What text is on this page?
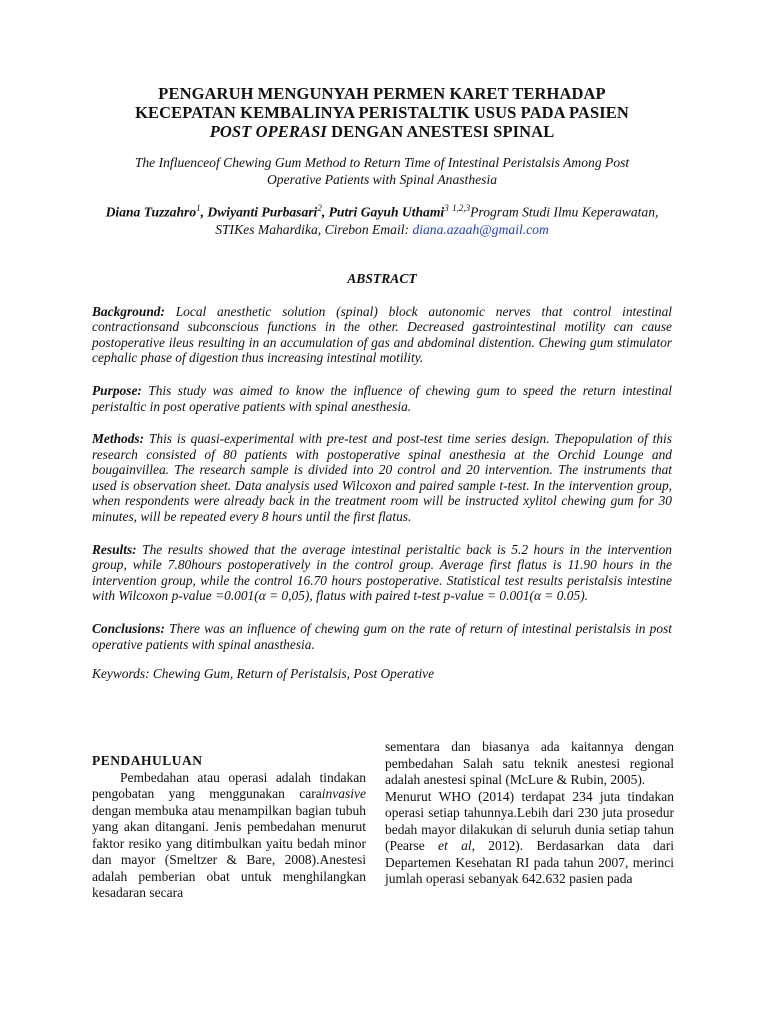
PENGARUH MENGUNYAH PERMEN KARET TERHADAP
KECEPATAN KEMBALINYA PERISTALTIK USUS PADA PASIEN
POST OPERASI DENGAN ANESTESI SPINAL

The Influenceof Chewing Gum Method to Return Time of Intestinal Peristalsis Among Post Operative Patients with Spinal Anasthesia

Diana Tuzzahro$^1$, Dwiyanti Purbasari$^2$, Putri Gayuh Uthami$^3$ $^{1,2,3}$Program Studi Ilmu Keperawatan, STIKes Mahardika, Cirebon Email: diana.azaah@gmail.com

ABSTRACT

Background: Local anesthetic solution (spinal) block autonomic nerves that control intestinal contractionsand subconscious functions in the other. Decreased gastrointestinal motility can cause postoperative ileus resulting in an accumulation of gas and abdominal distention. Chewing gum stimulator cephalic phase of digestion thus increasing intestinal motility.

Purpose: This study was aimed to know the influence of chewing gum to speed the return intestinal peristaltic in post operative patients with spinal anesthesia.

Methods: This is quasi-experimental with pre-test and post-test time series design. Thepopulation of this research consisted of 80 patients with postoperative spinal anesthesia at the Orchid Lounge and bougainvillea. The research sample is divided into 20 control and 20 intervention. The instruments that used is observation sheet. Data analysis used Wilcoxon and paired sample t-test. In the intervention group, when respondents were already back in the treatment room will be instructed xylitol chewing gum for 30 minutes, will be repeated every 8 hours until the first flatus.

Results: The results showed that the average intestinal peristaltic back is 5.2 hours in the intervention group, while 7.80hours postoperatively in the control group. Average first flatus is 11.90 hours in the intervention group, while the control 16.70 hours postoperative. Statistical test results peristalsis intestine with Wilcoxon p-value =0.001(α = 0,05), flatus with paired t-test p-value = 0.001(α = 0.05).

Conclusions: There was an influence of chewing gum on the rate of return of intestinal peristalsis in post operative patients with spinal anasthesia.

Keywords: Chewing Gum, Return of Peristalsis, Post Operative

PENDAHULUAN

Pembedahan atau operasi adalah tindakan pengobatan yang menggunakan carainvasive dengan membuka atau menampilkan bagian tubuh yang akan ditangani. Jenis pembedahan menurut faktor resiko yang ditimbulkan yaitu bedah minor dan mayor (Smeltzer & Bare, 2008).Anestesi adalah pemberian obat untuk menghilangkan kesadaran secara

sementara dan biasanya ada kaitannya dengan pembedahan Salah satu teknik anestesi regional adalah anestesi spinal (McLure & Rubin, 2005).

Menurut WHO (2014) terdapat 234 juta tindakan operasi setiap tahunnya.Lebih dari 230 juta prosedur bedah mayor dilakukan di seluruh dunia setiap tahun (Pearse et al, 2012). Berdasarkan data dari Departemen Kesehatan RI pada tahun 2007, merinci jumlah operasi sebanyak 642.632 pasien pada
